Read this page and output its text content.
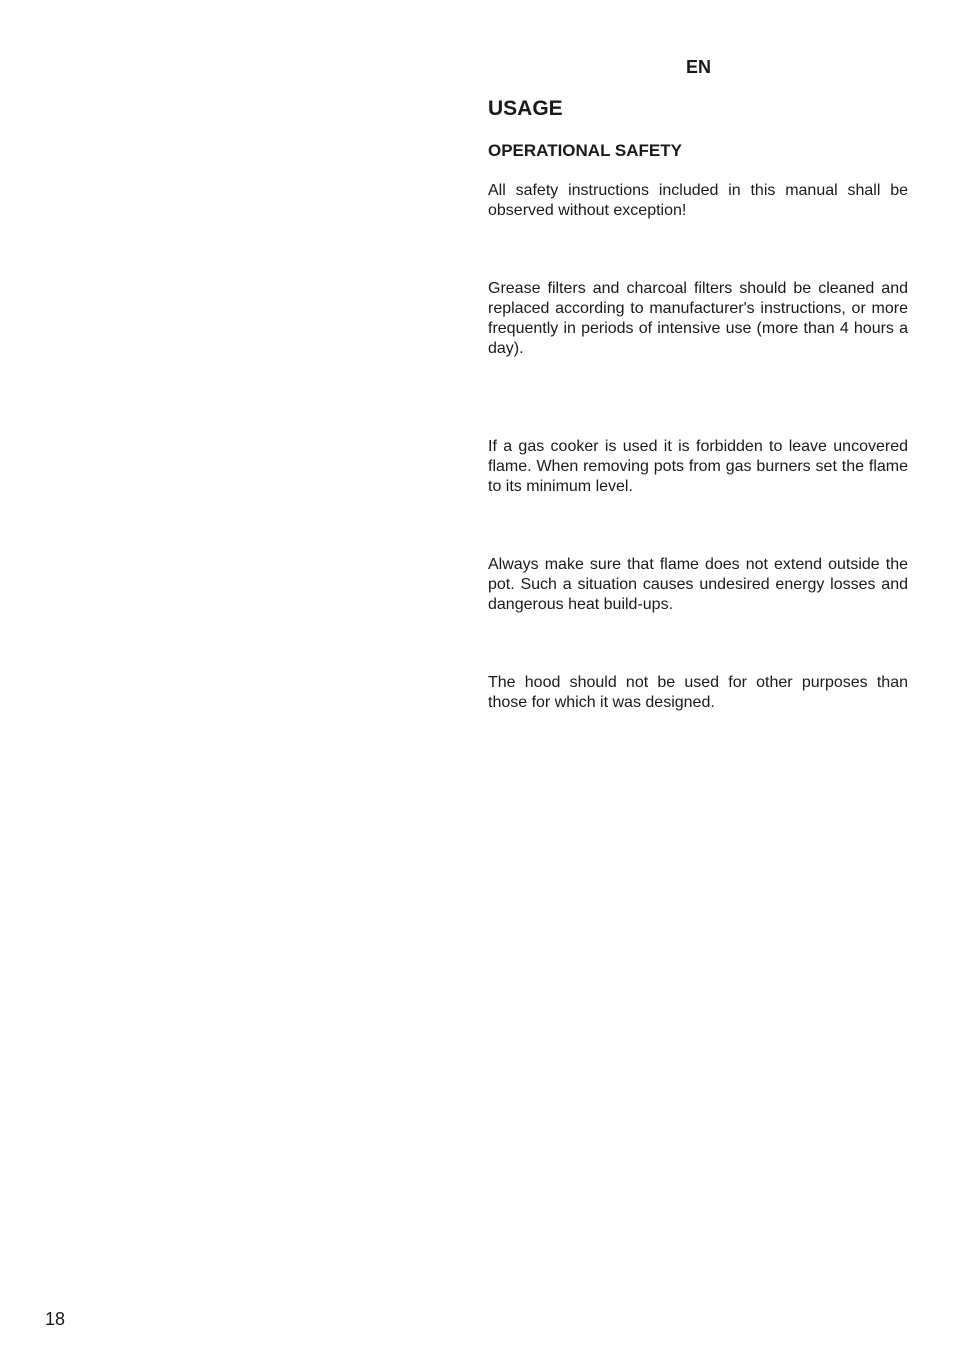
EN
USAGE
OPERATIONAL SAFETY

All safety instructions included in this manual shall be observed without exception!

Grease filters and charcoal filters should be cleaned and replaced according to manufacturer's instructions, or more frequently in periods of intensive use (more than 4 hours a day).

If a gas cooker is used it is forbidden to leave uncovered flame. When removing pots from gas burners set the flame to its minimum level.

Always make sure that flame does not extend outside the pot. Such a situation causes undesired energy losses and dangerous heat build-ups.

The hood should not be used for other purposes than those for which it was designed.

18
